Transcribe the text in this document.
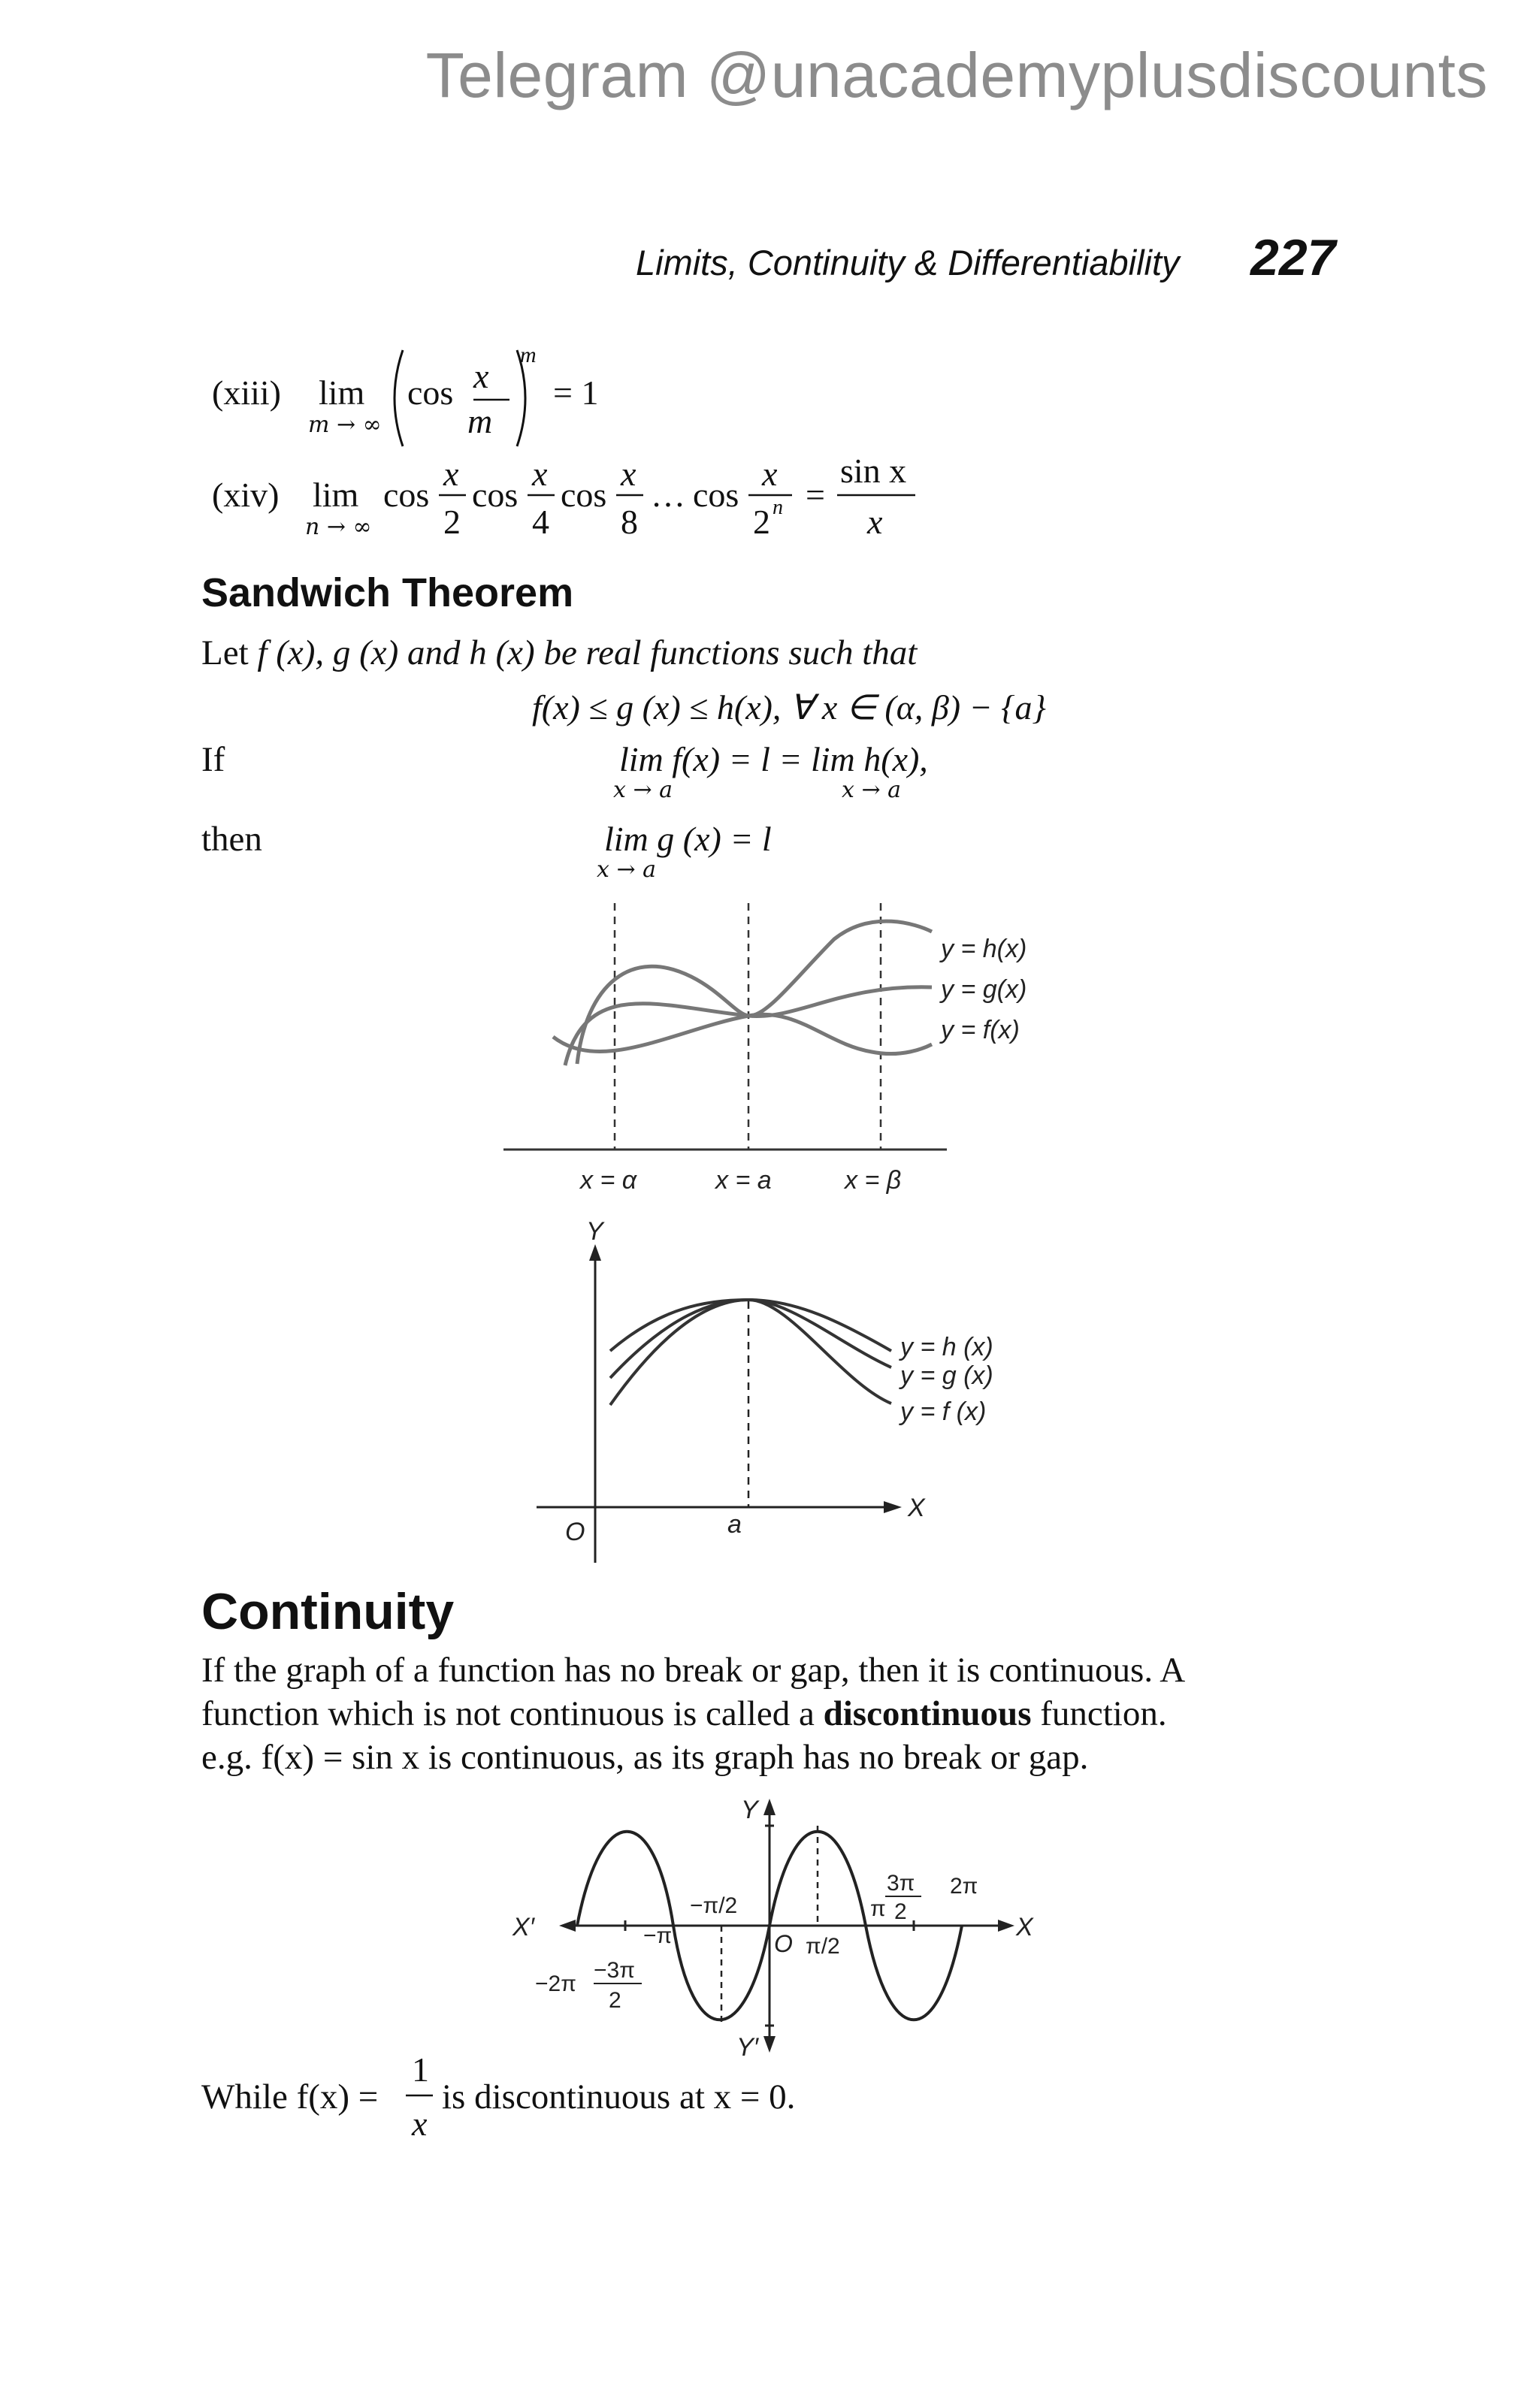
Telegram @unacademyplusdiscounts
Limits, Continuity & Differentiability 227
(xiii) lim
m → ∞
cos x
m
m
= 1
(xiv) lim
n → ∞
cos
x
2
cos
x
4
cos
x
8
… cos
x
2 n =
sin x
x
Sandwich Theorem
Let f (x), g (x) and h (x) be real functions such that
f(x) ≤ g (x) ≤ h(x), ∀ x ∈ (α, β) − {a}
If	lim f(x) = l = lim h(x),
x → a	x → a
then	lim g (x) = l
x → a
y = h(x)
y = g(x)
y = f(x)
x = α	x = a	x = β
Y
X
O	a
y = h (x)
y = g (x)
y = f (x)
Continuity
If the graph of a function has no break or gap, then it is continuous. A
function which is not continuous is called a discontinuous function.
e.g. f(x) = sin x is continuous, as its graph has no break or gap.
Y
Y′
X
X′
O
−π/2
π/2
−π
π
−2π
2π
−3π
2
3π
2
While f(x) =
1
x
is discontinuous at x = 0.
